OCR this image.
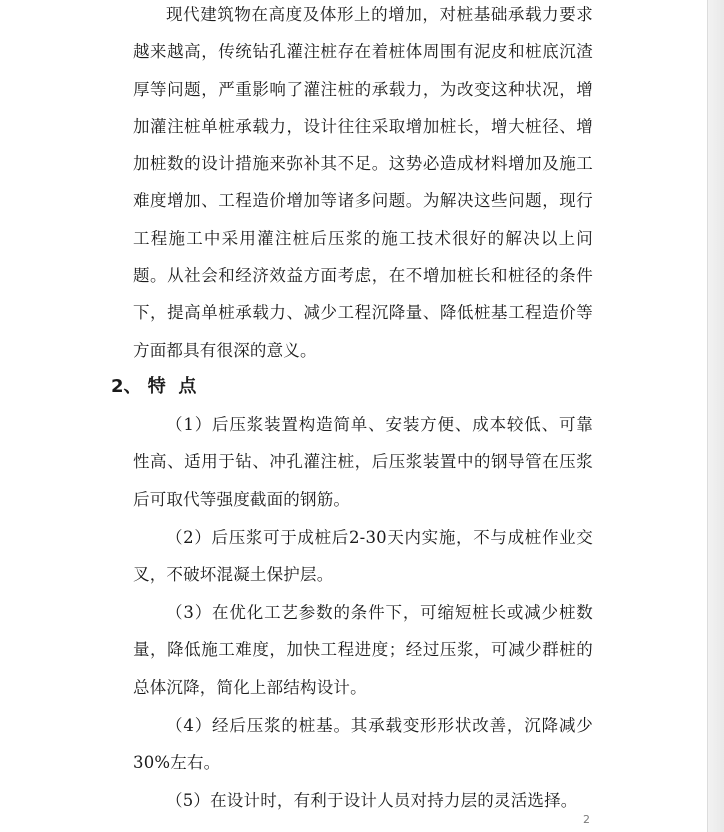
现代建筑物在高度及体形上的增加，对桩基础承载力要求越来越高，传统钻孔灌注桩存在着桩体周围有泥皮和桩底沉渣厚等问题，严重影响了灌注桩的承载力，为改变这种状况，增加灌注桩单桩承载力，设计往往采取增加桩长，增大桩径、增加桩数的设计措施来弥补其不足。这势必造成材料增加及施工难度增加、工程造价增加等诸多问题。为解决这些问题，现行工程施工中采用灌注桩后压浆的施工技术很好的解决以上问题。从社会和经济效益方面考虑，在不增加桩长和桩径的条件下，提高单桩承载力、减少工程沉降量、降低桩基工程造价等方面都具有很深的意义。

2、 特  点

（1）后压浆装置构造简单、安装方便、成本较低、可靠性高、适用于钻、冲孔灌注桩，后压浆装置中的钢导管在压浆后可取代等强度截面的钢筋。

（2）后压浆可于成桩后2-30天内实施，不与成桩作业交叉，不破坏混凝土保护层。

（3）在优化工艺参数的条件下，可缩短桩长或减少桩数量，降低施工难度，加快工程进度；经过压浆，可减少群桩的总体沉降，简化上部结构设计。

（4）经后压浆的桩基。其承载变形形状改善，沉降减少30%左右。

（5）在设计时，有利于设计人员对持力层的灵活选择。

2
